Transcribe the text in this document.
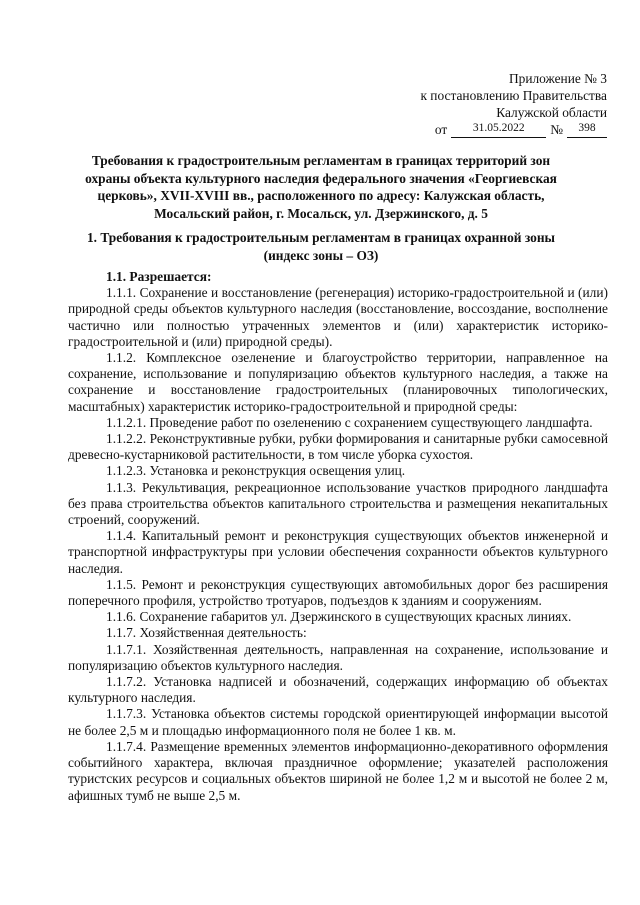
Приложение № 3
к постановлению Правительства
Калужской области
от	31.05.2022	№	398
Требования к градостроительным регламентам в границах территорий зон охраны объекта культурного наследия федерального значения «Георгиевская церковь», XVII-XVIII вв., расположенного по адресу: Калужская область, Мосальский район, г. Мосальск, ул. Дзержинского, д. 5
1. Требования к градостроительным регламентам в границах охранной зоны (индекс зоны – ОЗ)

1.1. Разрешается:

1.1.1. Сохранение и восстановление (регенерация) историко-градостроительной и (или) природной среды объектов культурного наследия (восстановление, воссоздание, восполнение частично или полностью утраченных элементов и (или) характеристик историко-градостроительной и (или) природной среды).

1.1.2. Комплексное озеленение и благоустройство территории, направленное на сохранение, использование и популяризацию объектов культурного наследия, а также на сохранение и восстановление градостроительных (планировочных типологических, масштабных) характеристик историко-градостроительной и природной среды:

1.1.2.1. Проведение работ по озеленению с сохранением существующего ландшафта.

1.1.2.2. Реконструктивные рубки, рубки формирования и санитарные рубки самосевной древесно-кустарниковой растительности, в том числе уборка сухостоя.

1.1.2.3. Установка и реконструкция освещения улиц.

1.1.3. Рекультивация, рекреационное использование участков природного ландшафта без права строительства объектов капитального строительства и размещения некапитальных строений, сооружений.

1.1.4. Капитальный ремонт и реконструкция существующих объектов инженерной и транспортной инфраструктуры при условии обеспечения сохранности объектов культурного наследия.

1.1.5. Ремонт и реконструкция существующих автомобильных дорог без расширения поперечного профиля, устройство тротуаров, подъездов к зданиям и сооружениям.

1.1.6. Сохранение габаритов ул. Дзержинского в существующих красных линиях.

1.1.7. Хозяйственная деятельность:

1.1.7.1. Хозяйственная деятельность, направленная на сохранение, использование и популяризацию объектов культурного наследия.

1.1.7.2. Установка надписей и обозначений, содержащих информацию об объектах культурного наследия.

1.1.7.3. Установка объектов системы городской ориентирующей информации высотой не более 2,5 м и площадью информационного поля не более 1 кв. м.

1.1.7.4. Размещение временных элементов информационно-декоративного оформления событийного характера, включая праздничное оформление; указателей расположения туристских ресурсов и социальных объектов шириной не более 1,2 м и высотой не более 2 м, афишных тумб не выше 2,5 м.
